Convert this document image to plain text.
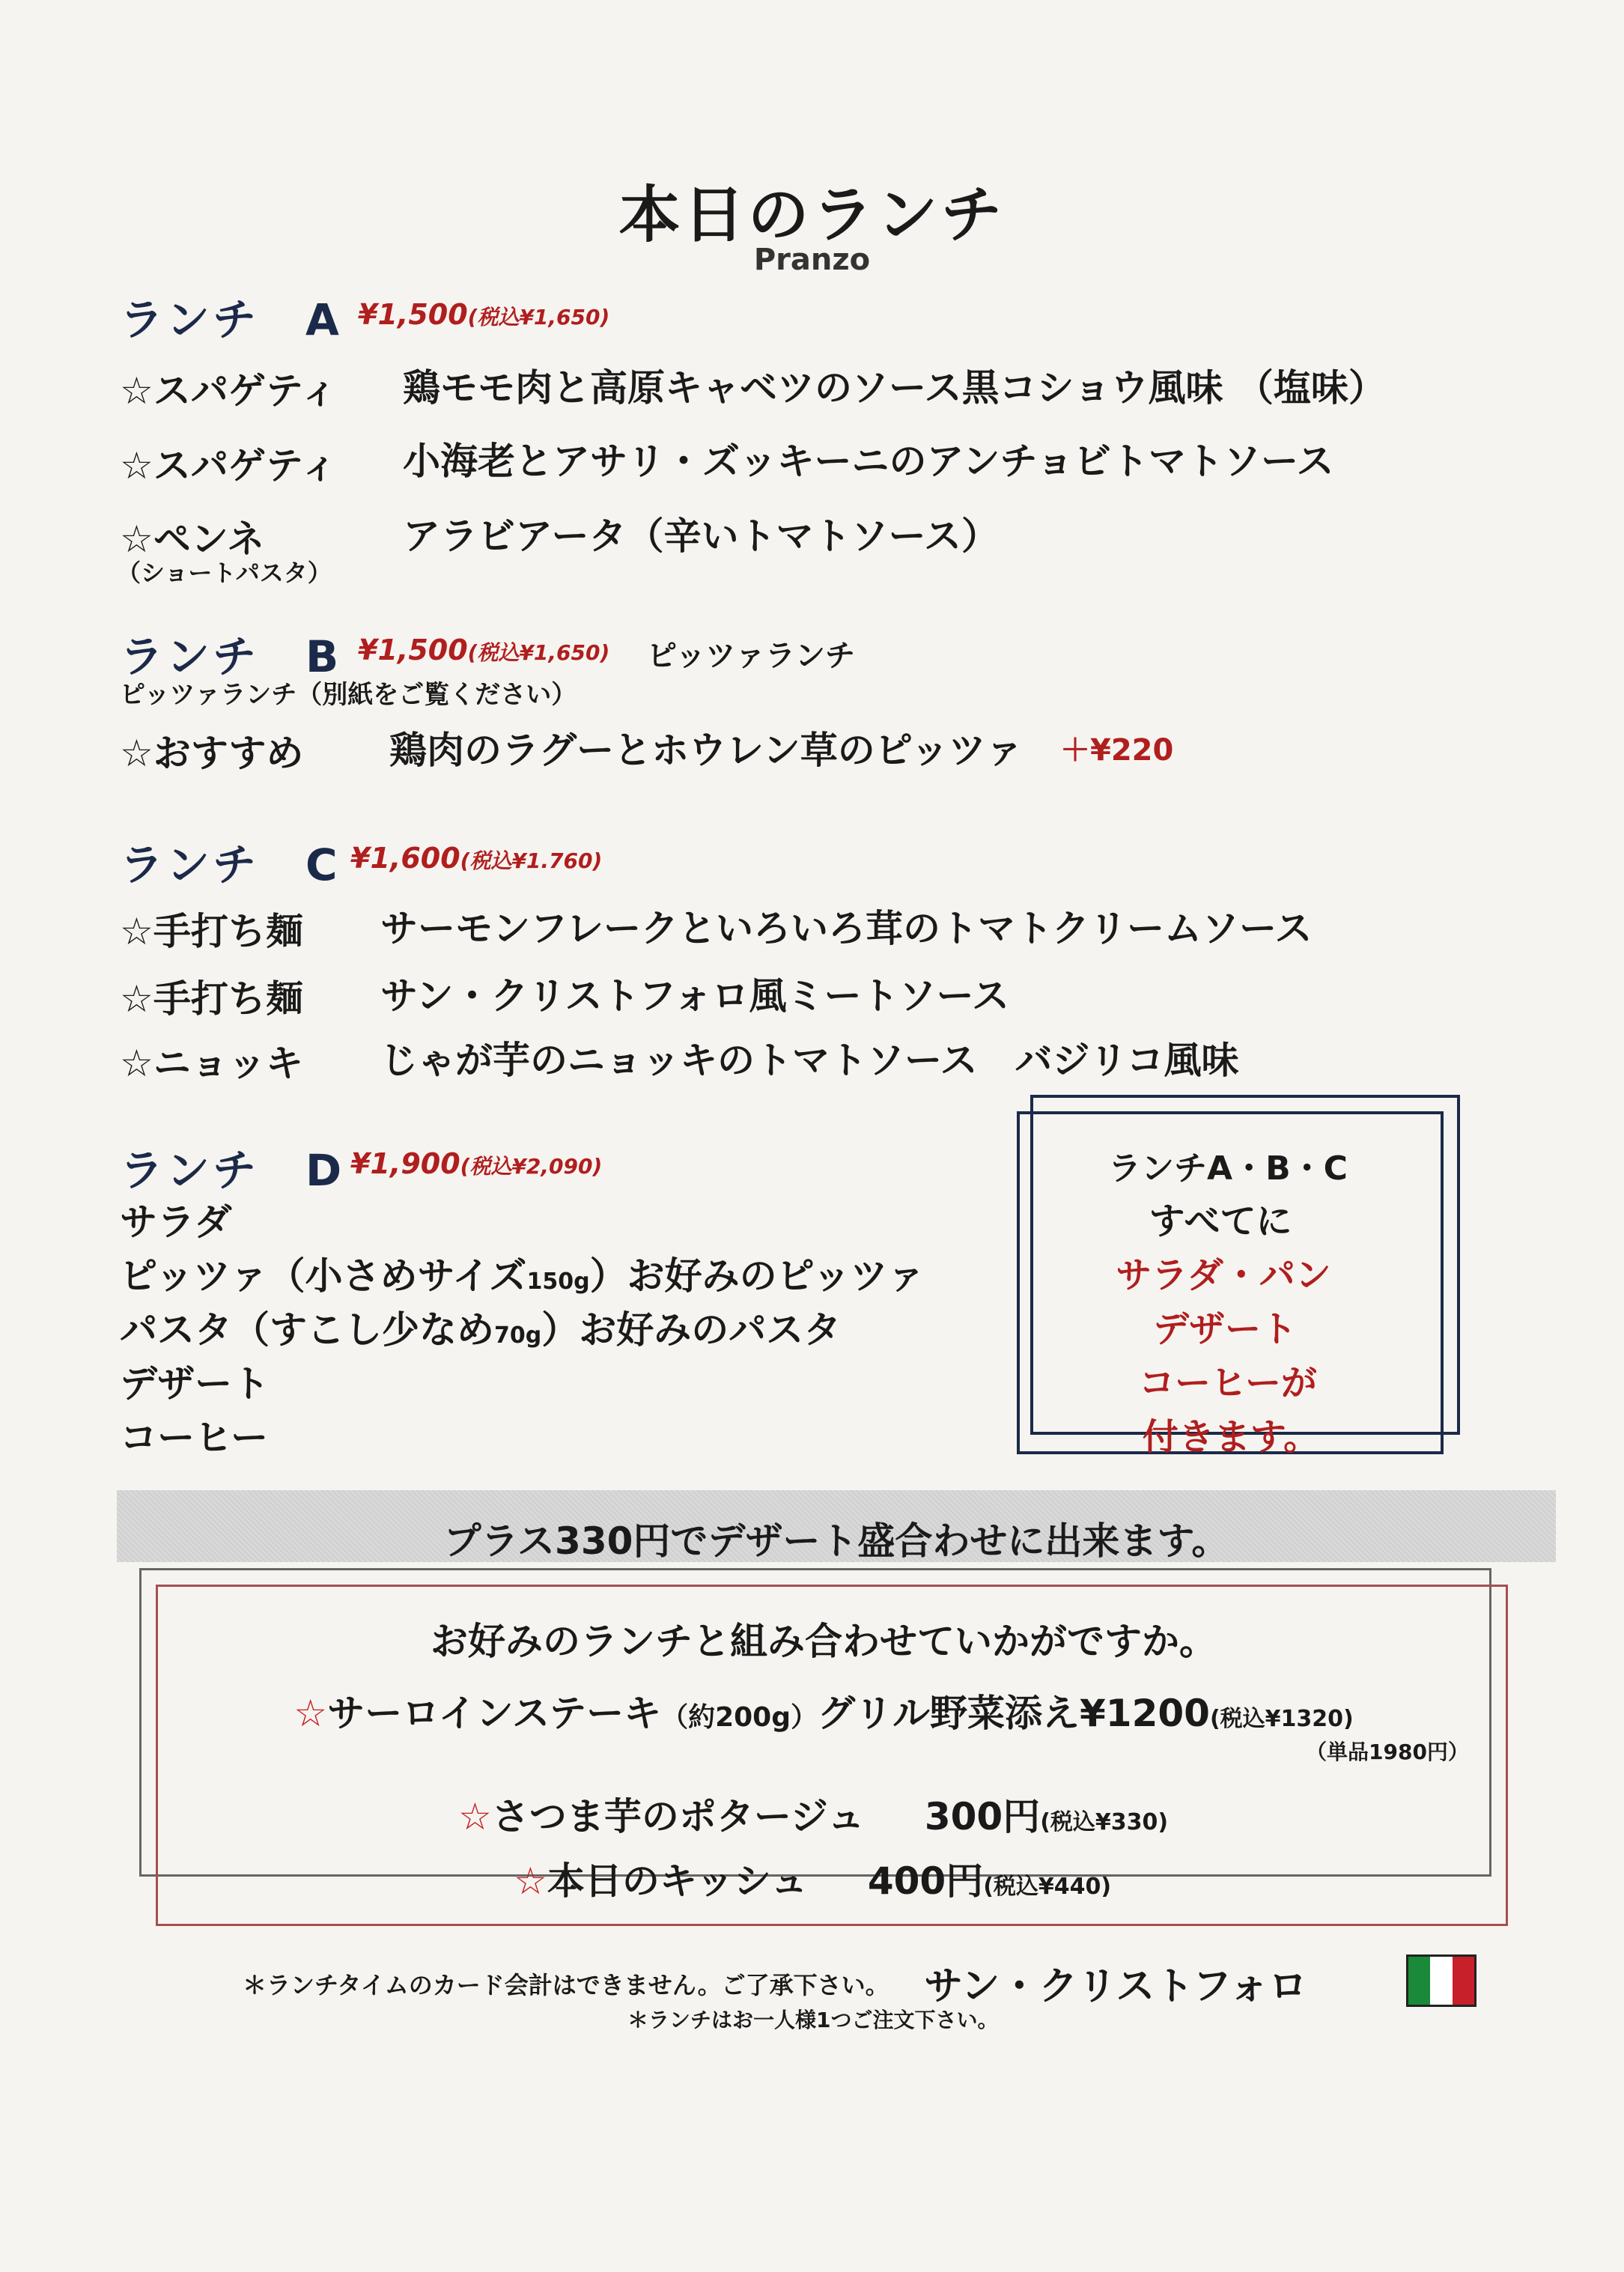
本日のランチ
Pranzo
ランチ　A ¥1,500(税込¥1,650)
☆スパゲティ 鶏モモ肉と高原キャベツのソース黒コショウ風味 （塩味）
☆スパゲティ 小海老とアサリ・ズッキーニのアンチョビトマトソース
☆ペンネ	アラビアータ（辛いトマトソース）
（ショートパスタ）
ランチ　B ¥1,500(税込¥1,650) ピッツァランチ
ピッツァランチ（別紙をご覧ください）
☆おすすめ 鶏肉のラグーとホウレン草のピッツァ ＋¥220
ランチ　C ¥1,600(税込¥1.760)
☆手打ち麺 サーモンフレークといろいろ茸のトマトクリームソース
☆手打ち麺 サン・クリストフォロ風ミートソース
☆ニョッキ じゃが芋のニョッキのトマトソース　バジリコ風味
ランチ　D ¥1,900(税込¥2,090)
サラダ
ピッツァ（小さめサイズ150g）お好みのピッツァ
パスタ（すこし少なめ70g）お好みのパスタ
デザート
コーヒー
ランチA・B・C
すべてに
サラダ・パン
デザート
コーヒーが
付きます。
プラス330円でデザート盛合わせに出来ます。
お好みのランチと組み合わせていかがですか。
☆サーロインステーキ（約200g）グリル野菜添え¥1200(税込¥1320)
（単品1980円）
☆さつま芋のポタージュ 300円(税込¥330)
☆本日のキッシュ 400円(税込¥440)
＊ランチタイムのカード会計はできません。ご了承下さい。 サン・クリストフォロ
＊ランチはお一人様1つご注文下さい。
